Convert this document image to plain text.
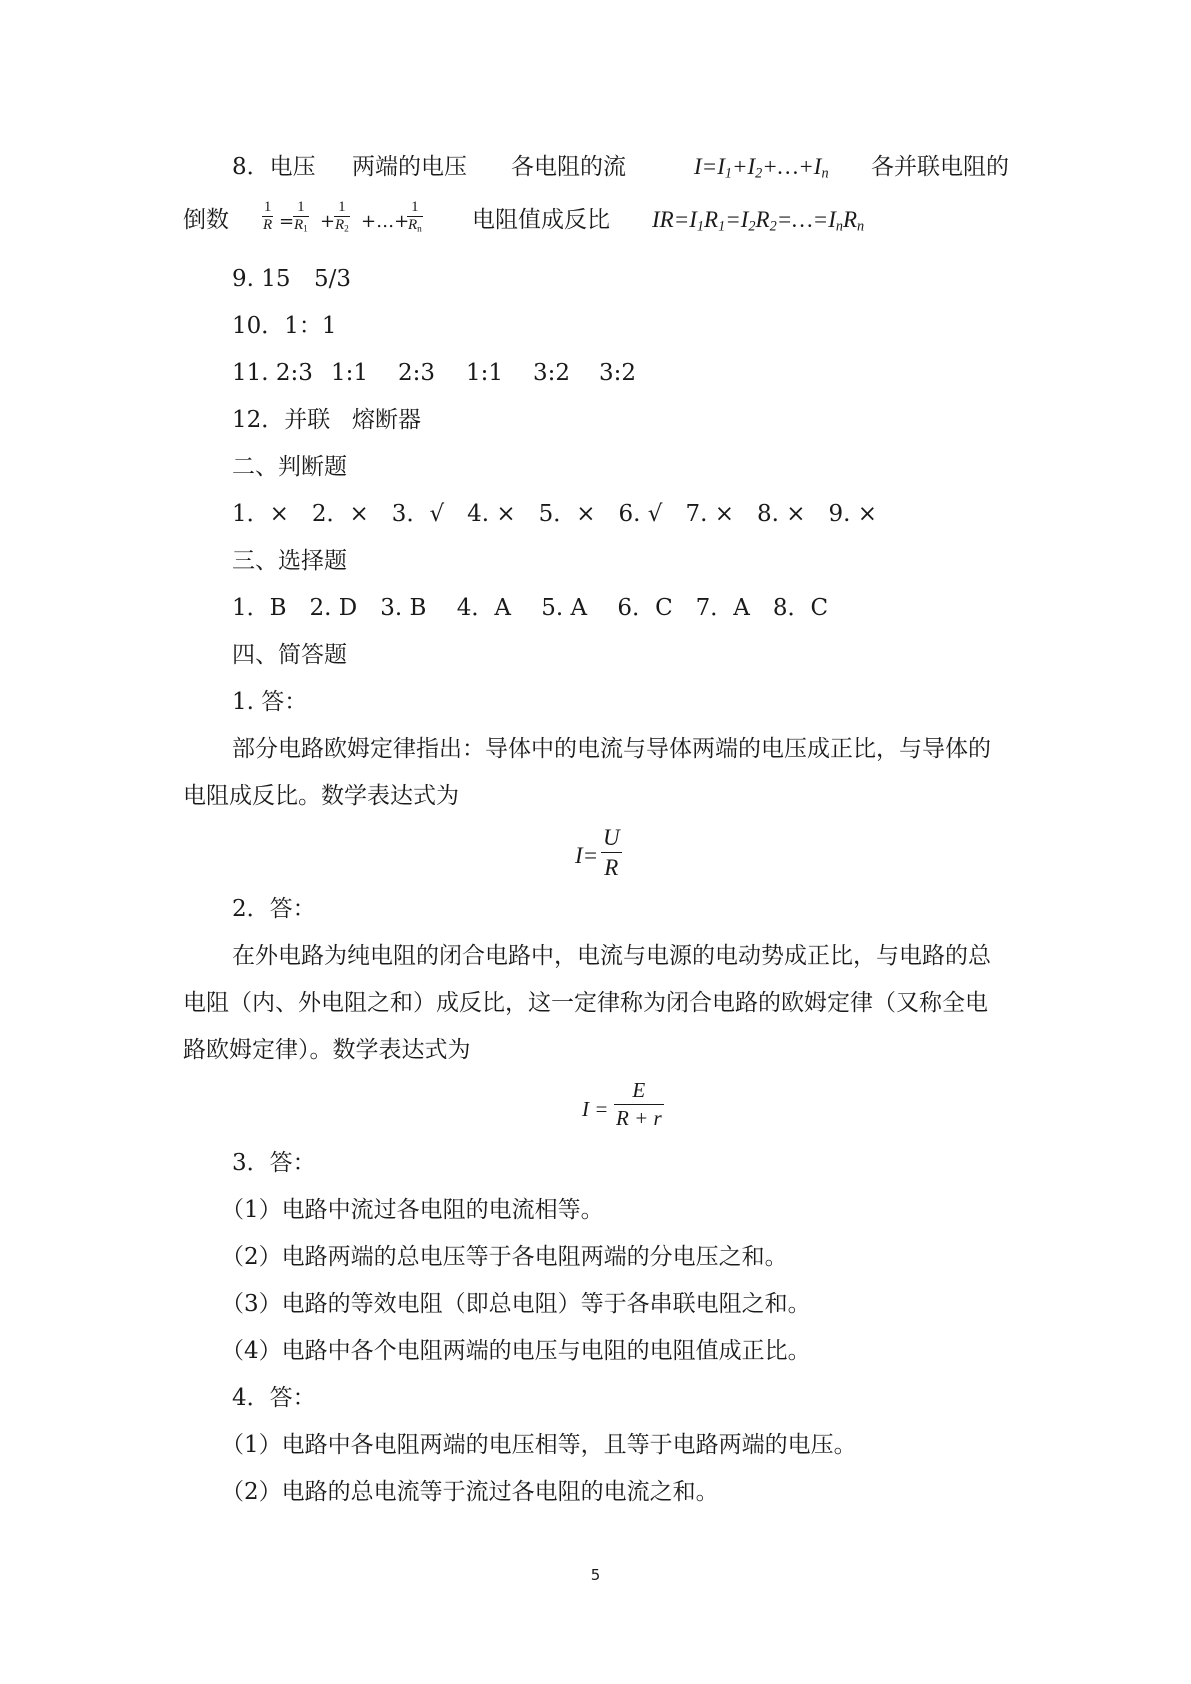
8．电压 两端的电压 各电阻的流	$I=I_1+I_2+\dots+I_n$ 各并联电阻的
倒数 1
R =
1
$R_1$ +
1
$R_2$ +…+
1
$R_n$ 电阻值成反比 $IR=I_1R_1=I_2R_2=\dots=I_nR_n$
9. 15 5/3
10．1：1
11. 2:3 1:1 2:3 1:1 3:2 3:2
12．并联 熔断器
二、判断题
1．×　2．×　3．√　4. ×　5．×　6. √　7. ×　8. ×　9. ×
三、选择题
1．B　2. D　3. B　 4．A　 5. A　 6．C　7．A　8．C
四、简答题
1. 答：
部分电路欧姆定律指出：导体中的电流与导体两端的电压成正比，与导体的
电阻成反比。数学表达式为
I=
U
R
2．答：
在外电路为纯电阻的闭合电路中，电流与电源的电动势成正比，与电路的总
电阻（内、外电阻之和）成反比，这一定律称为闭合电路的欧姆定律（又称全电
路欧姆定律）。数学表达式为
I =
E
R + r
3．答：
（1）电路中流过各电阻的电流相等。
（2）电路两端的总电压等于各电阻两端的分电压之和。
（3）电路的等效电阻（即总电阻）等于各串联电阻之和。
（4）电路中各个电阻两端的电压与电阻的电阻值成正比。
4．答：
（1）电路中各电阻两端的电压相等，且等于电路两端的电压。
（2）电路的总电流等于流过各电阻的电流之和。
5
